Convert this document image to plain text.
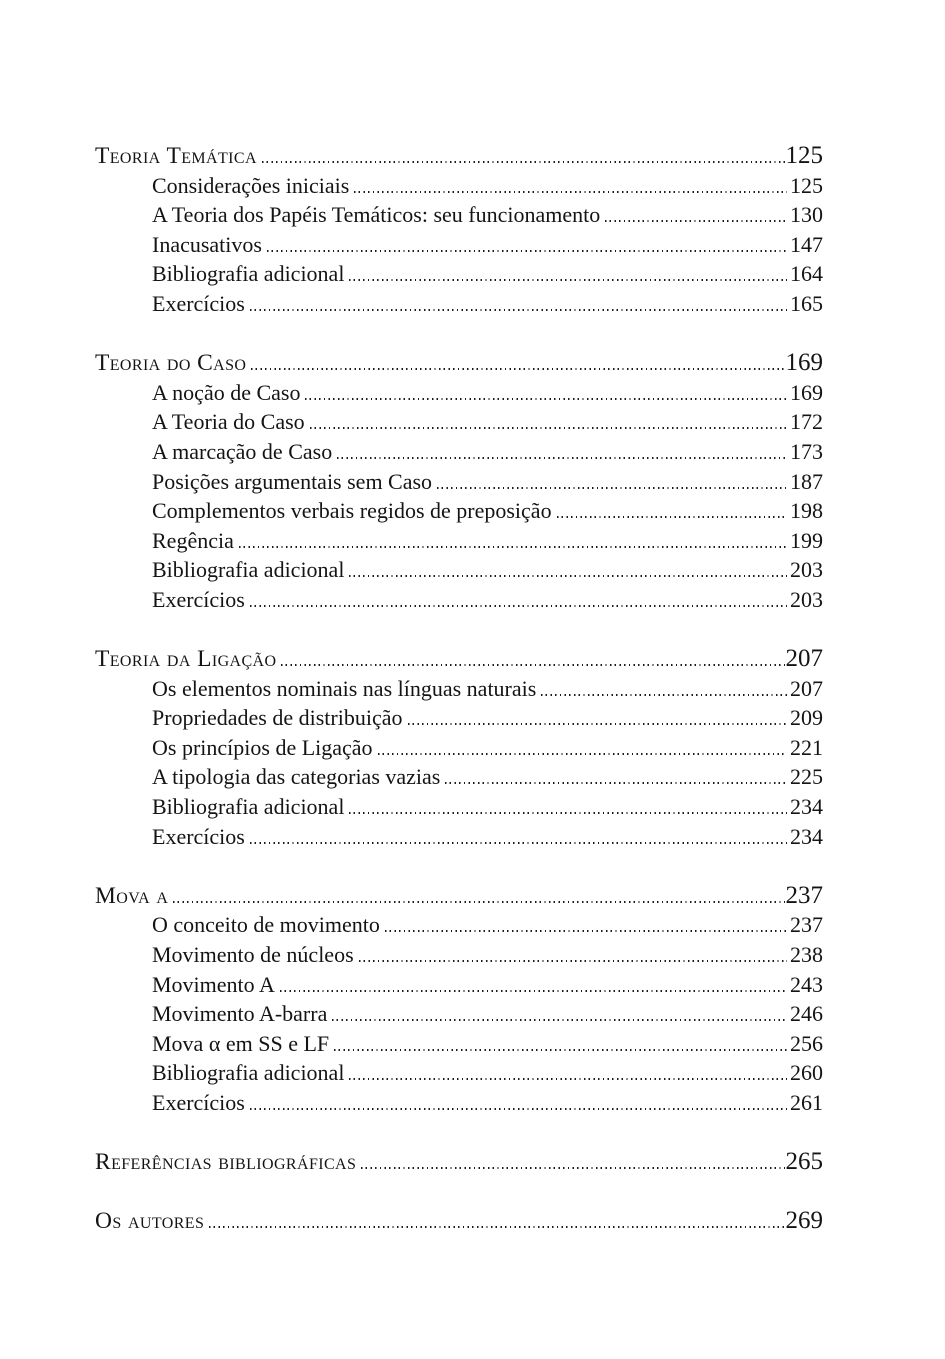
Teoria Temática	125
Considerações iniciais	125
A Teoria dos Papéis Temáticos: seu funcionamento	130
Inacusativos	147
Bibliografia adicional	164
Exercícios	165
Teoria do Caso	169
A noção de Caso	169
A Teoria do Caso	172
A marcação de Caso	173
Posições argumentais sem Caso	187
Complementos verbais regidos de preposição	198
Regência	199
Bibliografia adicional	203
Exercícios	203
Teoria da Ligação	207
Os elementos nominais nas línguas naturais	207
Propriedades de distribuição	209
Os princípios de Ligação	221
A tipologia das categorias vazias	225
Bibliografia adicional	234
Exercícios	234
Mova α	237
O conceito de movimento	237
Movimento de núcleos	238
Movimento A	243
Movimento A-barra	246
Mova α em SS e LF	256
Bibliografia adicional	260
Exercícios	261
Referências bibliográficas	265
Os autores	269
